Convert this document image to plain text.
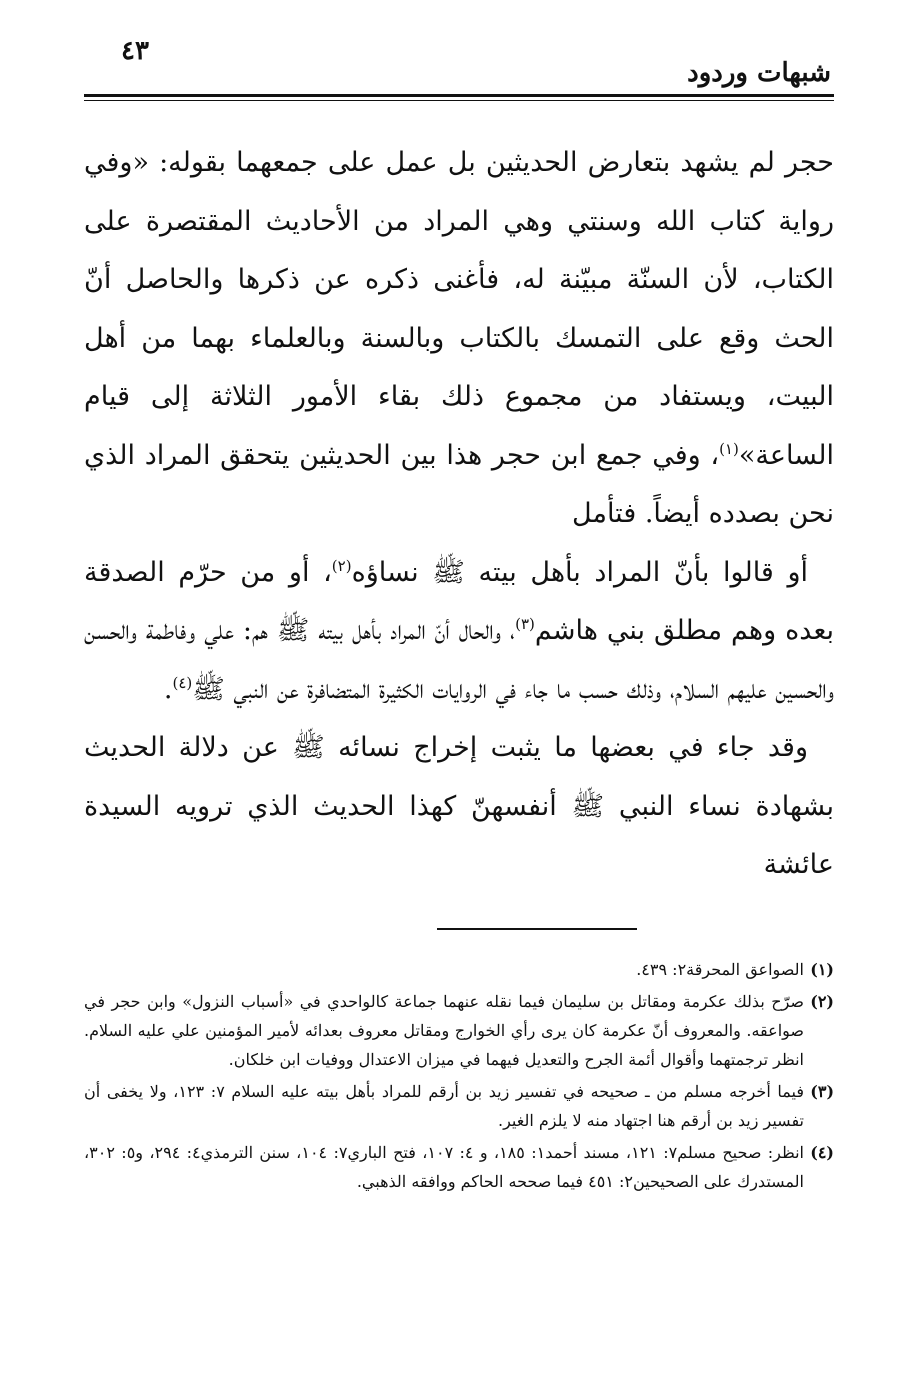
٤٣
شبهات وردود

حجر لم يشهد بتعارض الحديثين بل عمل على جمعهما بقوله: «وفي رواية كتاب الله وسنتي وهي المراد من الأحاديث المقتصرة على الكتاب، لأن السنّة مبيّنة له، فأغنى ذكره عن ذكرها والحاصل أنّ الحث وقع على التمسك بالكتاب وبالسنة وبالعلماء بهما من أهل البيت، ويستفاد من مجموع ذلك بقاء الأمور الثلاثة إلى قيام الساعة»$^{(١)}$، وفي جمع ابن حجر هذا بين الحديثين يتحقق المراد الذي نحن بصدده أيضاً. فتأمل

أو قالوا بأنّ المراد بأهل بيته ﷺ نساؤه$^{(٢)}$، أو من حرّم الصدقة بعده وهم مطلق بني هاشم$^{(٣)}$، والحال أنّ المراد بأهل بيته ﷺ هم: علي وفاطمة والحسن والحسين عليهم السلام، وذلك حسب ما جاء في الروايات الكثيرة المتضافرة عن النبي ﷺ$^{(٤)}$.

وقد جاء في بعضها ما يثبت إخراج نسائه ﷺ عن دلالة الحديث بشهادة نساء النبي ﷺ أنفسهنّ كهذا الحديث الذي ترويه السيدة عائشة

(١)الصواعق المحرقة٢: ٤٣٩.

(٢)صرّح بذلك عكرمة ومقاتل بن سليمان فيما نقله عنهما جماعة كالواحدي في «أسباب النزول» وابن حجر في صواعقه. والمعروف أنّ عكرمة كان يرى رأي الخوارج ومقاتل معروف بعدائه لأمير المؤمنين علي عليه السلام. انظر ترجمتهما وأقوال أئمة الجرح والتعديل فيهما في ميزان الاعتدال ووفيات ابن خلكان.

(٣)فيما أخرجه مسلم من ـ صحيحه في تفسير زيد بن أرقم للمراد بأهل بيته عليه السلام ٧: ١٢٣، ولا يخفى أن تفسير زيد بن أرقم هنا اجتهاد منه لا يلزم الغير.

(٤)انظر: صحيح مسلم٧: ١٢١، مسند أحمد١: ١٨٥، و ٤: ١٠٧، فتح الباري٧: ١٠٤، سنن الترمذي٤: ٢٩٤، و٥: ٣٠٢، المستدرك على الصحيحين٢: ٤٥١ فيما صححه الحاكم ووافقه الذهبي.
